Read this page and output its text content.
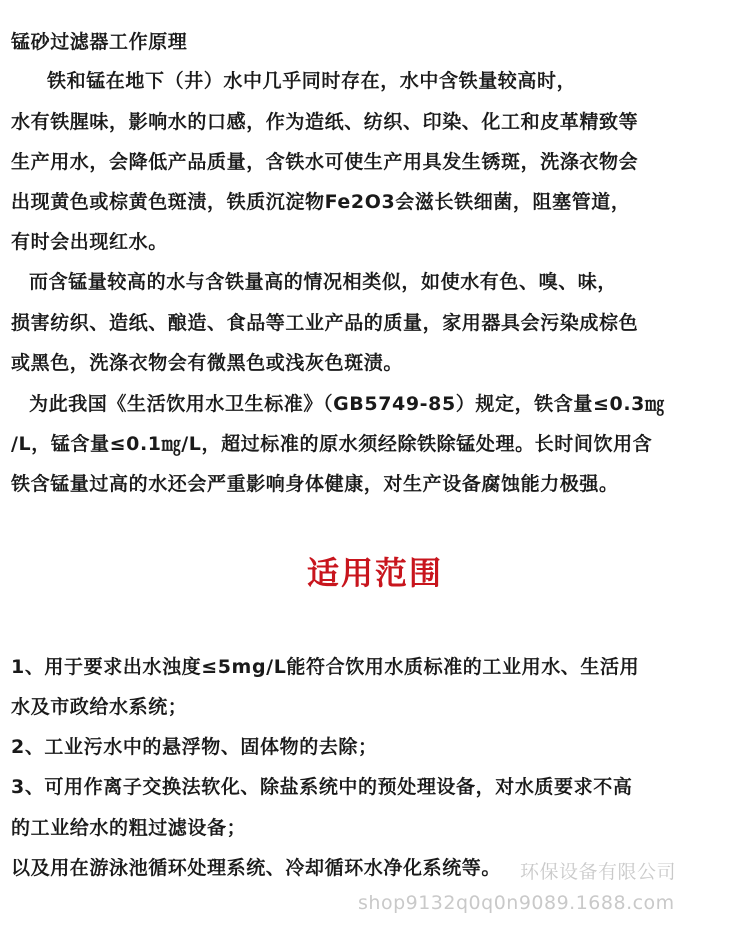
锰砂过滤器工作原理
铁和锰在地下（井）水中几乎同时存在，水中含铁量较高时，
水有铁腥味，影响水的口感，作为造纸、纺织、印染、化工和皮革精致等
生产用水，会降低产品质量，含铁水可使生产用具发生锈斑，洗涤衣物会
出现黄色或棕黄色斑渍，铁质沉淀物Fe2O3会滋长铁细菌，阻塞管道，
有时会出现红水。
而含锰量较高的水与含铁量高的情况相类似，如使水有色、嗅、味，
损害纺织、造纸、酿造、食品等工业产品的质量，家用器具会污染成棕色
或黑色，洗涤衣物会有微黑色或浅灰色斑渍。
为此我国《生活饮用水卫生标准》（GB5749-85）规定，铁含量≤0.3㎎
/L，锰含量≤0.1㎎/L，超过标准的原水须经除铁除锰处理。长时间饮用含
铁含锰量过高的水还会严重影响身体健康，对生产设备腐蚀能力极强。
适用范围
1、用于要求出水浊度≤5mg/L能符合饮用水质标准的工业用水、生活用
水及市政给水系统；
2、工业污水中的悬浮物、固体物的去除；
3、可用作离子交换法软化、除盐系统中的预处理设备，对水质要求不高
的工业给水的粗过滤设备；
以及用在游泳池循环处理系统、冷却循环水净化系统等。 环保设备有限公司
shop9132q0q0n9089.1688.com
